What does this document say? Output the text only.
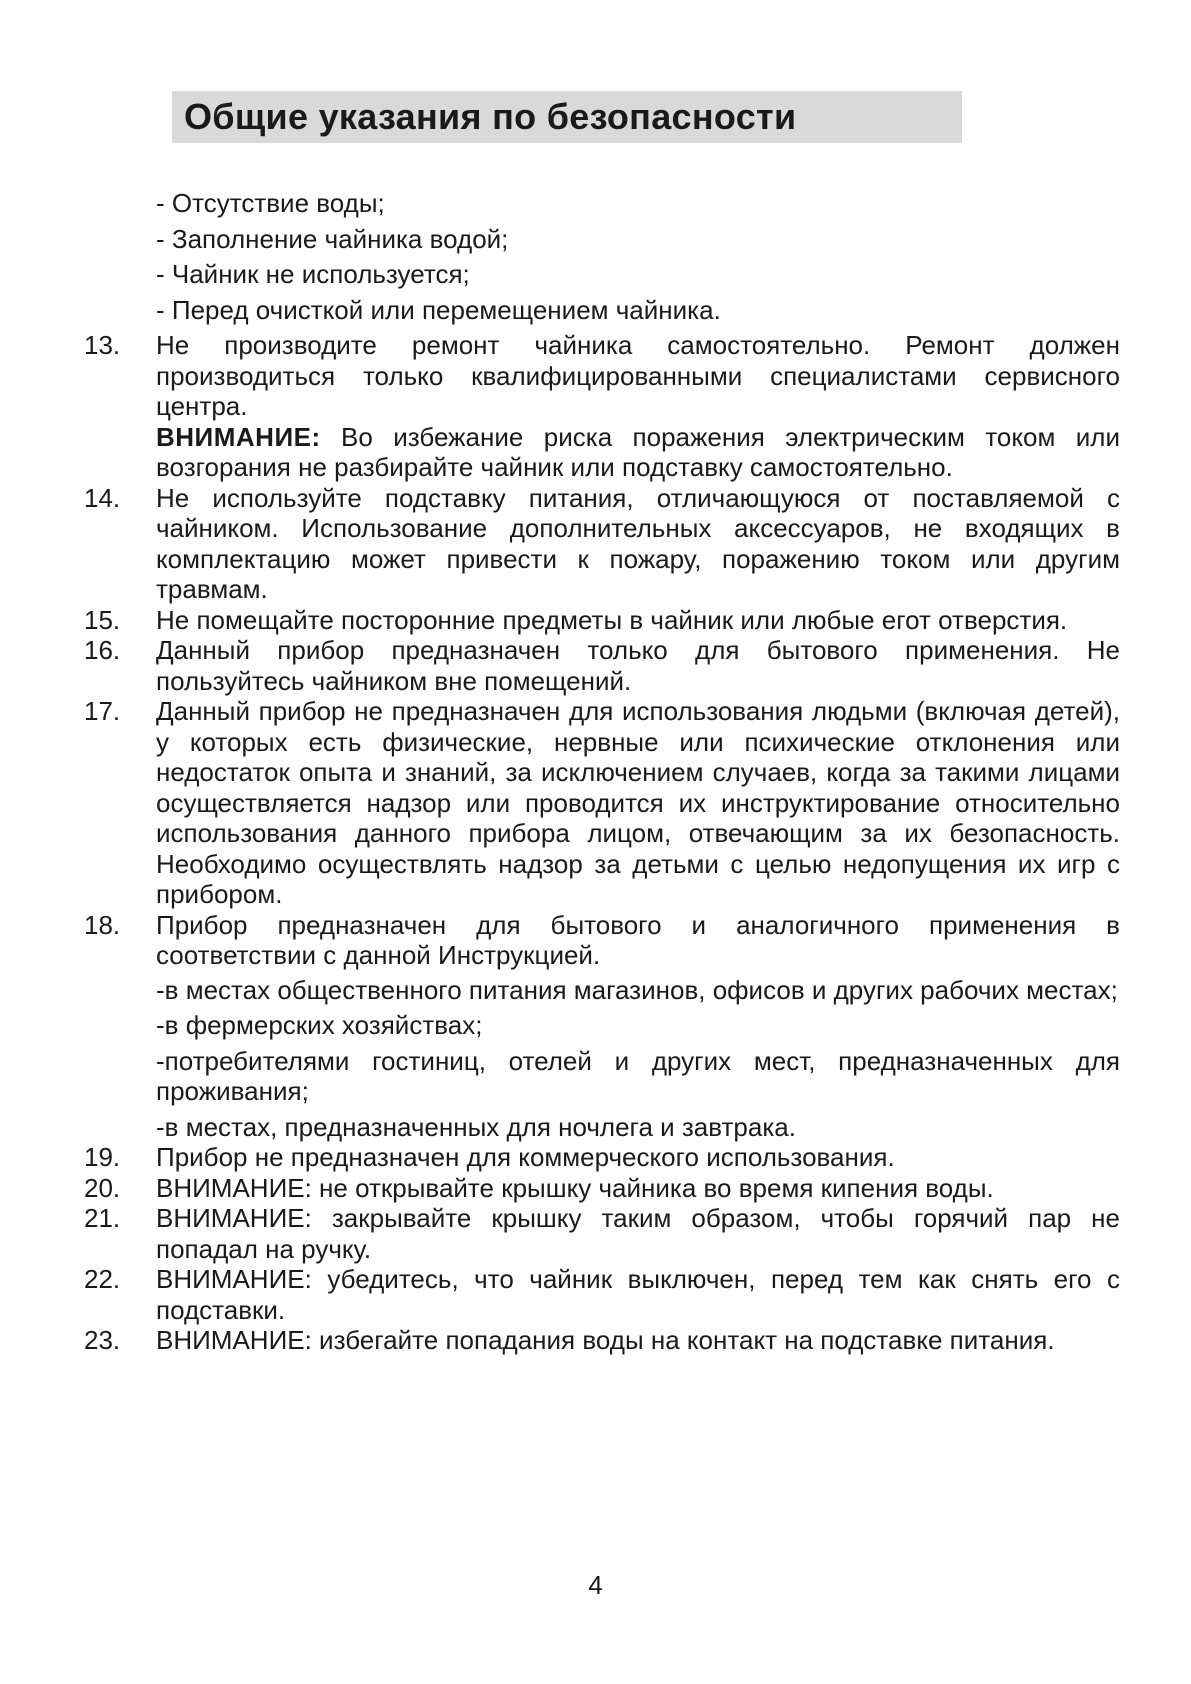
Общие указания по безопасности
- Отсутствие воды;
- Заполнение чайника водой;
- Чайник не используется;
- Перед очисткой или перемещением чайника.
13.	Не производите ремонт чайника самостоятельно. Ремонт должен производиться только квалифицированными специалистами сервисного центра.

ВНИМАНИЕ: Во избежание риска поражения электрическим током или возгорания не разбирайте чайник или подставку самостоятельно.

14.	Не используйте подставку питания, отличающуюся от поставляемой с чайником. Использование дополнительных аксессуаров, не входящих в комплектацию может привести к пожару, поражению током или другим травмам.
15.	Не помещайте посторонние предметы в чайник или любые егот отверстия.
16.	Данный прибор предназначен только для бытового применения. Не пользуйтесь чайником вне помещений.
17.	Данный прибор не предназначен для использования людьми (включая детей), у которых есть физические, нервные или психические отклонения или недостаток опыта и знаний, за исключением случаев, когда за такими лицами осуществляется надзор или проводится их инструктирование относительно использования данного прибора лицом, отвечающим за их безопасность. Необходимо осуществлять надзор за детьми с целью недопущения их игр с прибором.
18.	Прибор предназначен для бытового и аналогичного применения в соответствии с данной Инструкцией.

-в местах общественного питания магазинов, офисов и других рабочих местах;

-в фермерских хозяйствах;

-потребителями гостиниц, отелей и других мест, предназначенных для проживания;

-в местах, предназначенных для ночлега и завтрака.

19.	Прибор не предназначен для коммерческого использования.
20.	ВНИМАНИЕ: не открывайте крышку чайника во время кипения воды.
21.	ВНИМАНИЕ: закрывайте крышку таким образом, чтобы горячий пар не попадал на ручку.
22.	ВНИМАНИЕ: убедитесь, что чайник выключен, перед тем как снять его с подставки.
23.	ВНИМАНИЕ: избегайте попадания воды на контакт на подставке питания.
4
